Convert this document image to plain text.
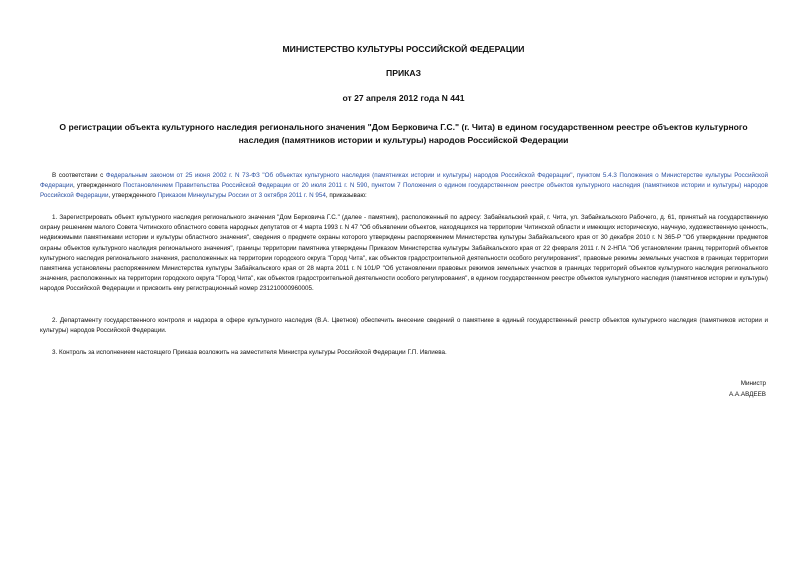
МИНИСТЕРСТВО КУЛЬТУРЫ РОССИЙСКОЙ ФЕДЕРАЦИИ
ПРИКАЗ
от 27 апреля 2012 года N 441
О регистрации объекта культурного наследия регионального значения "Дом Берковича Г.С." (г. Чита) в едином государственном реестре объектов культурного наследия (памятников истории и культуры) народов Российской Федерации

В соответствии с Федеральным законом от 25 июня 2002 г. N 73-ФЗ "Об объектах культурного наследия (памятниках истории и культуры) народов Российской Федерации", пунктом 5.4.3 Положения о Министерстве культуры Российской Федерации, утвержденного Постановлением Правительства Российской Федерации от 20 июля 2011 г. N 590, пунктом 7 Положения о едином государственном реестре объектов культурного наследия (памятников истории и культуры) народов Российской Федерации, утвержденного Приказом Минкультуры России от 3 октября 2011 г. N 954, приказываю:

1. Зарегистрировать объект культурного наследия регионального значения "Дом Берковича Г.С." (далее - памятник), расположенный по адресу: Забайкальский край, г. Чита, ул. Забайкальского Рабочего, д. 61, принятый на государственную охрану решением малого Совета Читинского областного совета народных депутатов от 4 марта 1993 г. N 47 "Об объявлении объектов, находящихся на территории Читинской области и имеющих историческую, научную, художественную ценность, недвижимыми памятниками истории и культуры областного значения", сведения о предмете охраны которого утверждены распоряжением Министерства культуры Забайкальского края от 30 декабря 2010 г. N 365-Р "Об утверждении предметов охраны объектов культурного наследия регионального значения", границы территории памятника утверждены Приказом Министерства культуры Забайкальского края от 22 февраля 2011 г. N 2-НПА "Об установлении границ территорий объектов культурного наследия регионального значения, расположенных на территории городского округа "Город Чита", как объектов градостроительной деятельности особого регулирования", правовые режимы земельных участков в границах территории памятника установлены распоряжением Министерства культуры Забайкальского края от 28 марта 2011 г. N 101/Р "Об установлении правовых режимов земельных участков в границах территорий объектов культурного наследия регионального значения, расположенных на территории городского округа "Город Чита", как объектов градостроительной деятельности особого регулирования", в едином государственном реестре объектов культурного наследия (памятников истории и культуры) народов Российской Федерации и присвоить ему регистрационный номер 231210000960005.

2. Департаменту государственного контроля и надзора в сфере культурного наследия (В.А. Цветнов) обеспечить внесение сведений о памятнике в единый государственный реестр объектов культурного наследия (памятников истории и культуры) народов Российской Федерации.

3. Контроль за исполнением настоящего Приказа возложить на заместителя Министра культуры Российской Федерации Г.П. Ивлиева.

Министр
А.А.АВДЕЕВ
